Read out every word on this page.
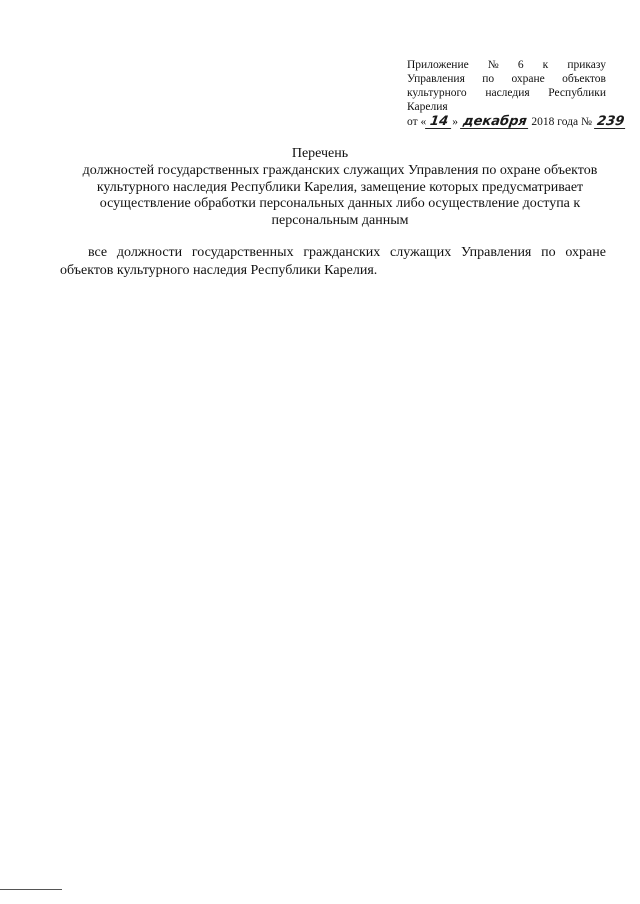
Приложение № 6 к приказу
Управления по охране объектов
культурного наследия Республики
Карелия
от « 14 » декабря 2018 года № 239
Перечень
должностей государственных гражданских служащих Управления по охране объектов
культурного наследия Республики Карелия, замещение которых предусматривает
осуществление обработки персональных данных либо осуществление доступа к
персональным данным
все должности государственных гражданских служащих Управления по охране
объектов культурного наследия Республики Карелия.
